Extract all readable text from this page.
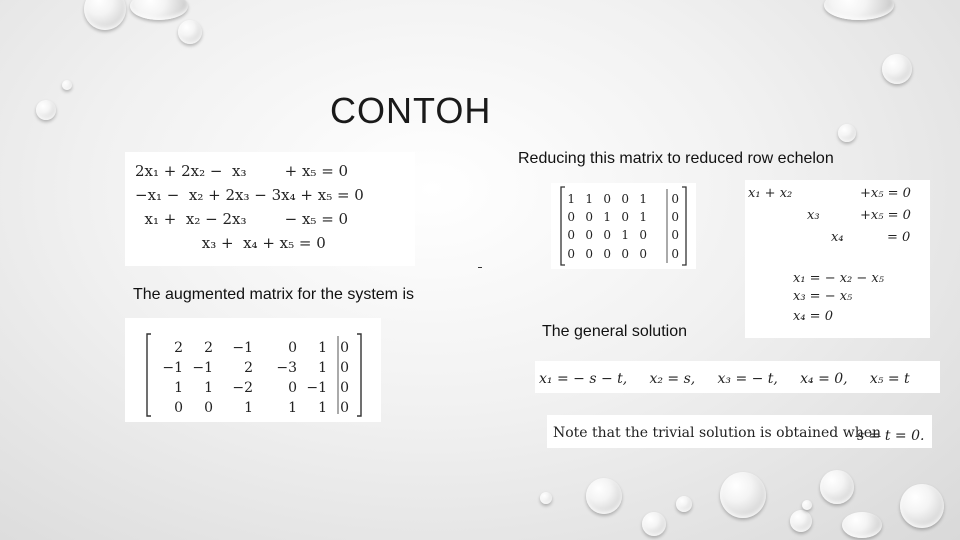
CONTOH
Reducing this matrix to reduced row echelon
2x₁ + 2x₂ −  x₃        + x₅ = 0
−x₁ −  x₂ + 2x₃ − 3x₄ + x₅ = 0
x₁ +  x₂ − 2x₃        − x₅ = 0
x₃ +  x₄ + x₅ = 0
1 1 0 0 1 0
0 0 1 0 1 0
0 0 0 1 0 0
0 0 0 0 0 0
x₁ + x₂	+x₅ = 0
x₃	+x₅ = 0
x₄	= 0
x₁ = − x₂ − x₅
x₃ = − x₅
x₄ = 0
The augmented matrix for the system is
2 2 −1	0 1 0
−1 −1 2 −3 1 0
1 1 −2	0 −1 0
0 0 1	1 1 0
The general solution
x₁ = − s − t,     x₂ = s,     x₃ = − t,     x₄ = 0,     x₅ = t
Note that the trivial solution is obtained when
s = t = 0.
